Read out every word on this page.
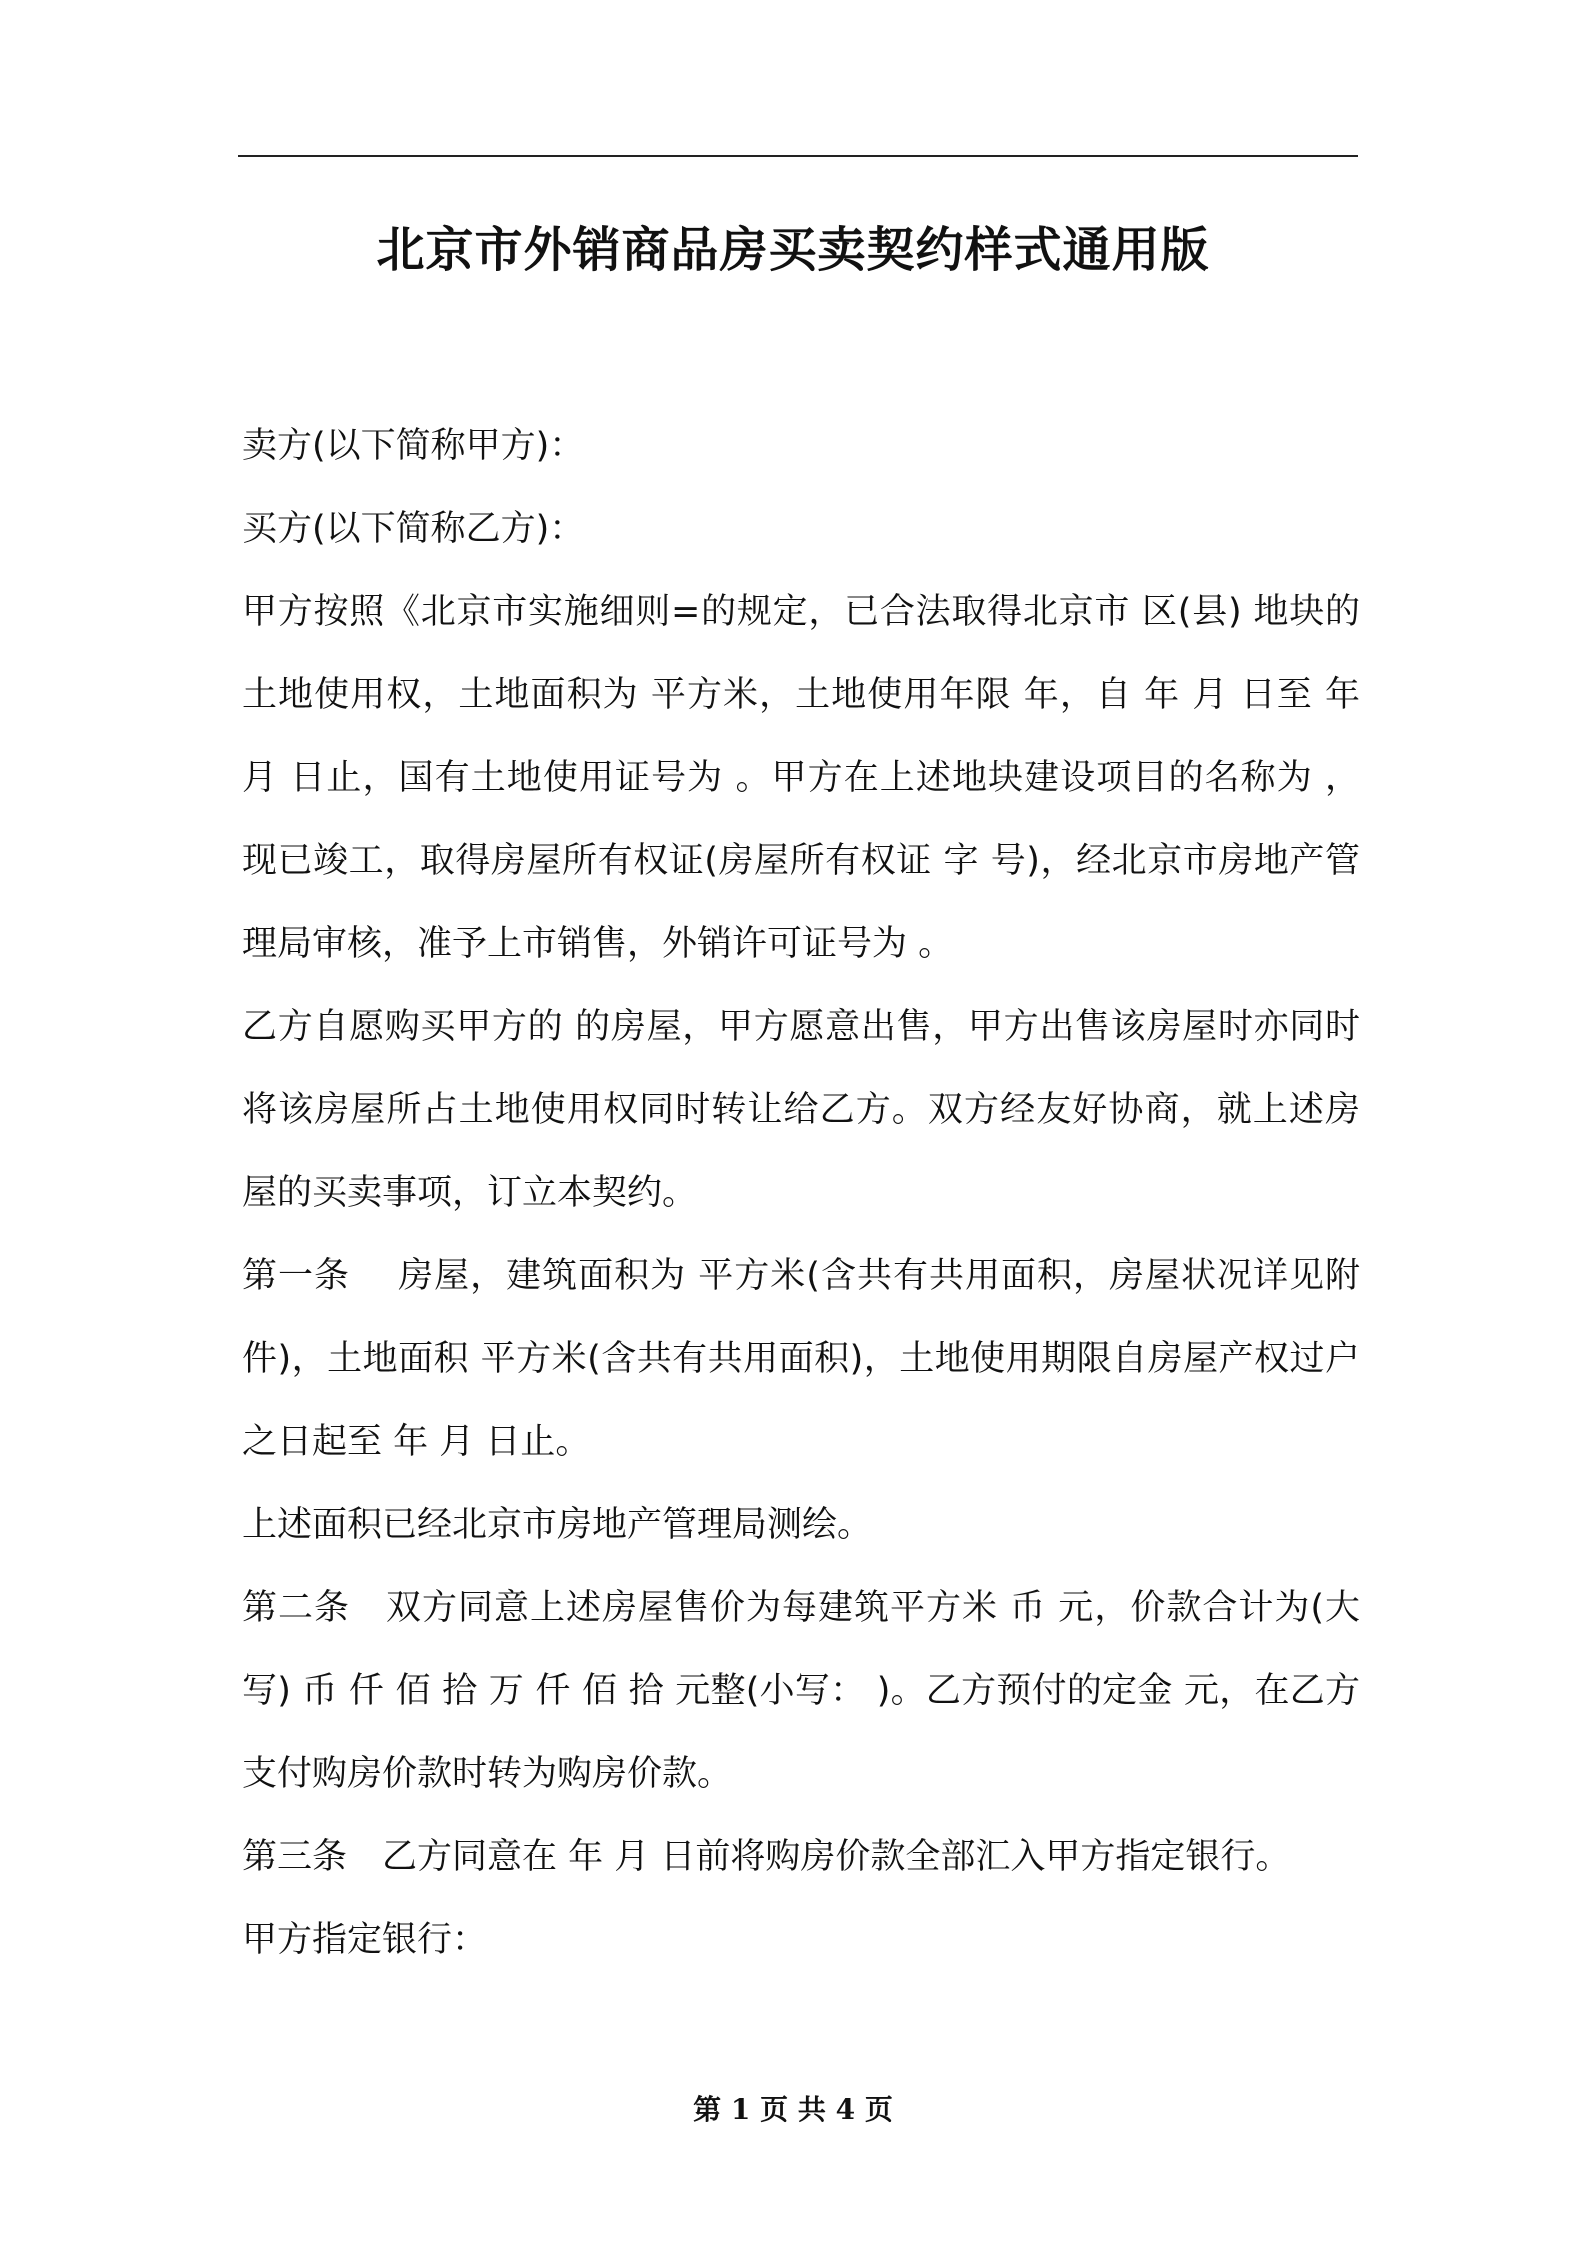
北京市外销商品房买卖契约样式通用版

卖方(以下简称甲方)：

买方(以下简称乙方)：

甲方按照《北京市实施细则=的规定，已合法取得北京市 区(县) 地块的土地使用权，土地面积为 平方米，土地使用年限 年，自 年 月 日至 年 月 日止，国有土地使用证号为 。甲方在上述地块建设项目的名称为 ，现已竣工，取得房屋所有权证(房屋所有权证 字 号)，经北京市房地产管理局审核，准予上市销售，外销许可证号为 。

乙方自愿购买甲方的 的房屋，甲方愿意出售，甲方出售该房屋时亦同时将该房屋所占土地使用权同时转让给乙方。双方经友好协商，就上述房屋的买卖事项，订立本契约。

第一条　 房屋，建筑面积为 平方米(含共有共用面积，房屋状况详见附件)，土地面积 平方米(含共有共用面积)，土地使用期限自房屋产权过户之日起至 年 月 日止。

上述面积已经北京市房地产管理局测绘。

第二条　双方同意上述房屋售价为每建筑平方米 币 元，价款合计为(大写) 币 仟 佰 拾 万 仟 佰 拾 元整(小写： )。乙方预付的定金 元，在乙方支付购房价款时转为购房价款。

第三条　乙方同意在 年 月 日前将购房价款全部汇入甲方指定银行。

甲方指定银行：

第 1 页 共 4 页
